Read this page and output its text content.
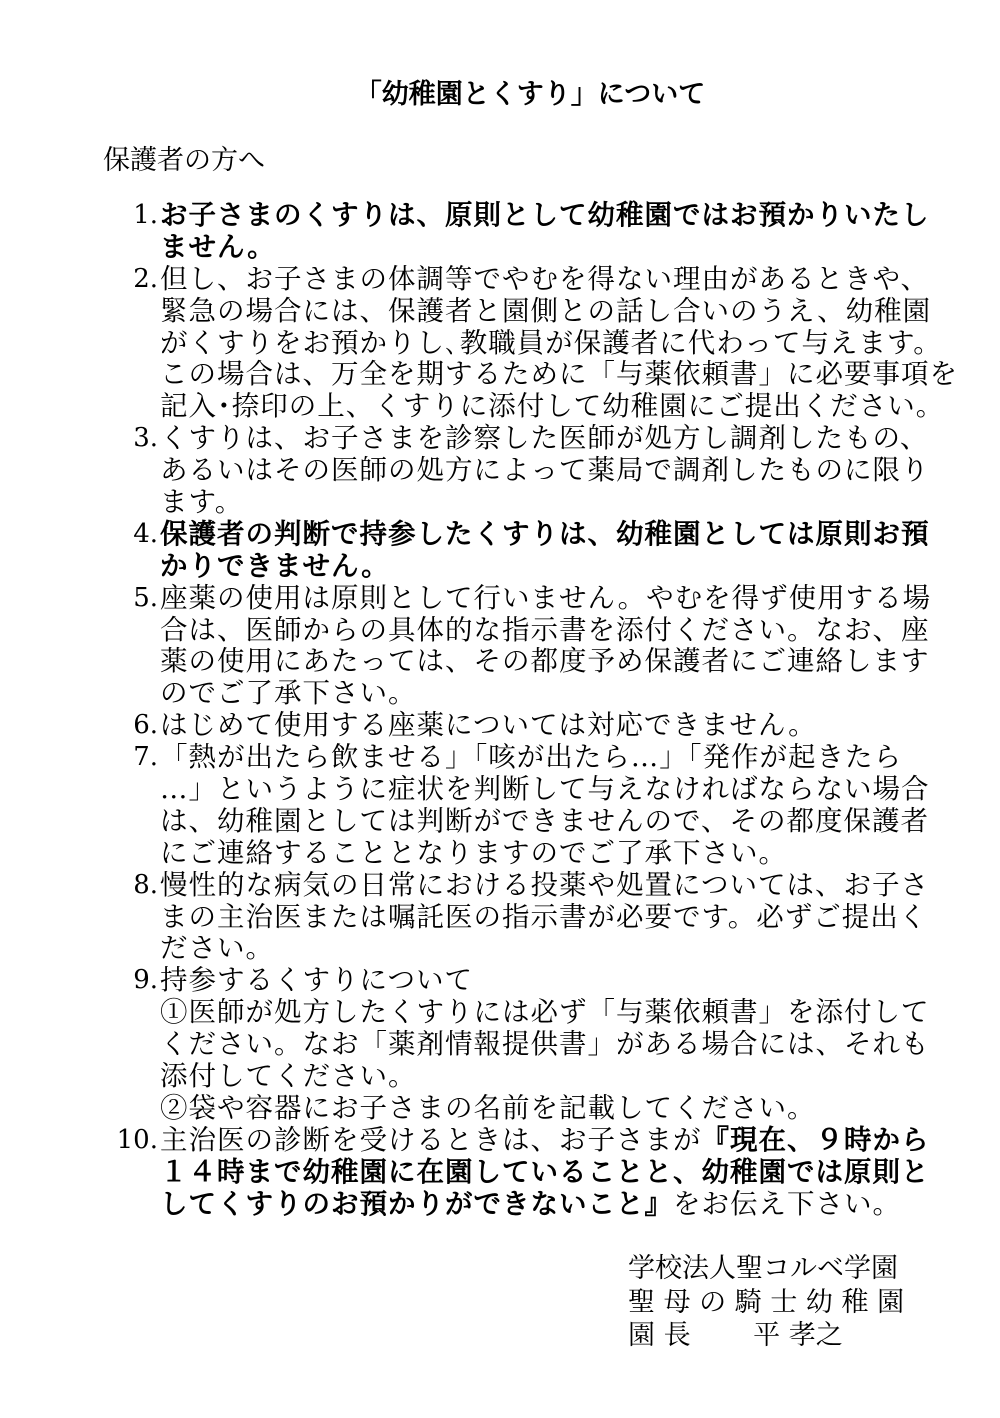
「幼稚園とくすり」について
保護者の方へ
1. お子さまのくすりは、原則として幼稚園ではお預かりいたし
ません。
2. 但し、お子さまの体調等でやむを得ない理由があるときや、
緊急の場合には、保護者と園側との話し合いのうえ、幼稚園
がくすりをお預かりし､教職員が保護者に代わって与えます。
この場合は、万全を期するために「与薬依頼書」に必要事項を
記入･捺印の上、くすりに添付して幼稚園にご提出ください。
3. くすりは、お子さまを診察した医師が処方し調剤したもの、
あるいはその医師の処方によって薬局で調剤したものに限り
ます。
4. 保護者の判断で持参したくすりは、幼稚園としては原則お預
かりできません。
5. 座薬の使用は原則として行いません。やむを得ず使用する場
合は、医師からの具体的な指示書を添付ください。なお、座
薬の使用にあたっては、その都度予め保護者にご連絡します
のでご了承下さい。
6. はじめて使用する座薬については対応できません。
7. 「熱が出たら飲ませる」「咳が出たら…」「発作が起きたら
…」というように症状を判断して与えなければならない場合
は、幼稚園としては判断ができませんので、その都度保護者
にご連絡することとなりますのでご了承下さい。
8. 慢性的な病気の日常における投薬や処置については、お子さ
まの主治医または嘱託医の指示書が必要です。必ずご提出く
ださい。
9. 持参するくすりについて
①医師が処方したくすりには必ず「与薬依頼書」を添付して
ください。なお「薬剤情報提供書」がある場合には、それも
添付してください。
②袋や容器にお子さまの名前を記載してください。
10. 主治医の診断を受けるときは、お子さまが『現在、９時から
１４時まで幼稚園に在園していることと、幼稚園では原則と
してくすりのお預かりができないこと』をお伝え下さい。
学校法人聖コルベ学園
聖 母 の 騎 士 幼 稚 園
園 長　　 平 孝之
